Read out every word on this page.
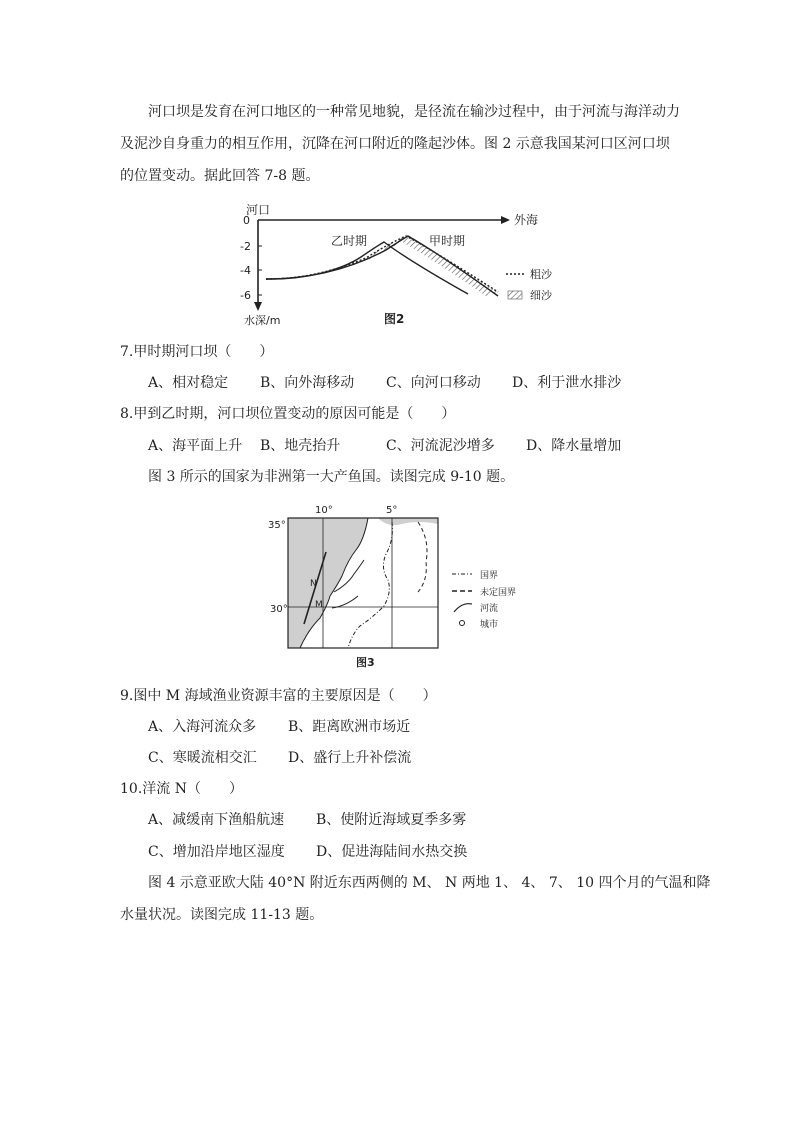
河口坝是发育在河口地区的一种常见地貌，是径流在输沙过程中，由于河流与海洋动力
及泥沙自身重力的相互作用，沉降在河口附近的隆起沙体。图 2 示意我国某河口区河口坝
的位置变动。据此回答 7-8 题。
河口
外海
0
-2
-4
-6
乙时期	甲时期
粗沙
细沙
水深/m	图2
7.甲时期河口坝（　　）
A、相对稳定 B、向外海移动 C、向河口移动 D、利于泄水排沙
8.甲到乙时期，河口坝位置变动的原因可能是（　　）
A、海平面上升 B、地壳抬升	C、河流泥沙增多 D、降水量增加
图 3 所示的国家为非洲第一大产鱼国。读图完成 9-10 题。
10°	5°
35°
30°
N
M
国界
未定国界
河流
城市
图3
9.图中 M 海域渔业资源丰富的主要原因是（　　）
A、入海河流众多 B、距离欧洲市场近
C、寒暖流相交汇 D、盛行上升补偿流
10.洋流 N（　　）
A、减缓南下渔船航速 B、使附近海域夏季多雾
C、增加沿岸地区湿度 D、促进海陆间水热交换
图 4 示意亚欧大陆 40°N 附近东西两侧的 M、 N 两地 1、 4、 7、 10 四个月的气温和降
水量状况。读图完成 11-13 题。
